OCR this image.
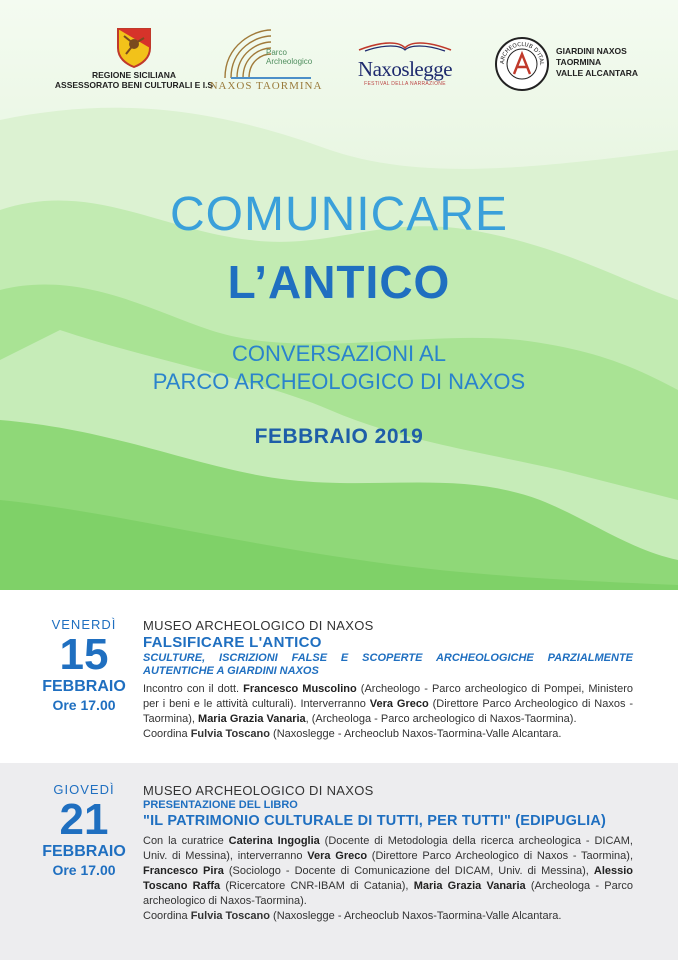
REGIONE SICILIANA
ASSESSORATO BENI CULTURALI E I.S
Parco
Archeologico
NAXOS TAORMINA
Naxoslegge
FESTIVAL DELLA NARRAZIONE
ARCHEOCLUB D'ITAL
GIARDINI NAXOS
TAORMINA
VALLE ALCANTARA
COMUNICARE
L’ANTICO
CONVERSAZIONI AL
PARCO ARCHEOLOGICO DI NAXOS
FEBBRAIO 2019
VENERDÌ
15
FEBBRAIO
Ore 17.00
MUSEO ARCHEOLOGICO DI NAXOS
FALSIFICARE L'ANTICO
SCULTURE, ISCRIZIONI FALSE E SCOPERTE ARCHEOLOGICHE PARZIALMENTE AUTENTICHE A GIARDINI NAXOS
Incontro con il dott. Francesco Muscolino (Archeologo - Parco archeologico di Pompei, Ministero per i beni e le attività culturali). Interverranno Vera Greco (Direttore Parco Archeologico di Naxos - Taormina), Maria Grazia Vanaria, (Archeologa - Parco archeologico di Naxos-Taormina).
Coordina Fulvia Toscano (Naxoslegge - Archeoclub Naxos-Taormina-Valle Alcantara.
GIOVEDÌ
21
FEBBRAIO
Ore 17.00
MUSEO ARCHEOLOGICO DI NAXOS
PRESENTAZIONE DEL LIBRO
"IL PATRIMONIO CULTURALE DI TUTTI, PER TUTTI" (EDIPUGLIA)
Con la curatrice Caterina Ingoglia (Docente di Metodologia della ricerca archeologica - DICAM, Univ. di Messina), interverranno Vera Greco (Direttore Parco Archeologico di Naxos - Taormina), Francesco Pira (Sociologo - Docente di Comunicazione del DICAM, Univ. di Messina), Alessio Toscano Raffa (Ricercatore CNR-IBAM di Catania), Maria Grazia Vanaria (Archeologa - Parco archeologico di Naxos-Taormina).
Coordina Fulvia Toscano (Naxoslegge - Archeoclub Naxos-Taormina-Valle Alcantara.
